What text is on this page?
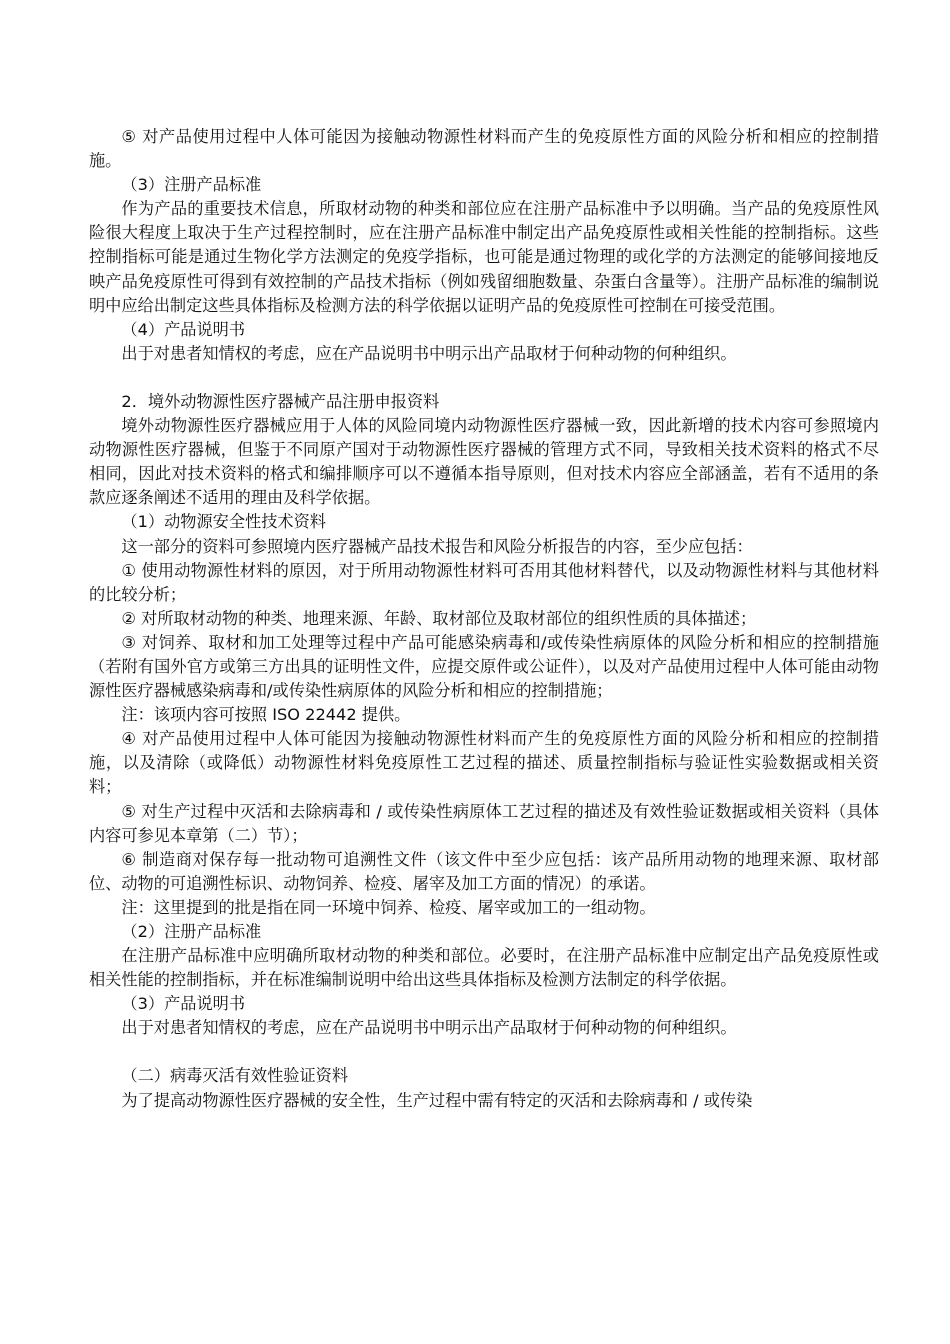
⑤ 对产品使用过程中人体可能因为接触动物源性材料而产生的免疫原性方面的风险分析和相应的控制措施。
（3）注册产品标准
作为产品的重要技术信息，所取材动物的种类和部位应在注册产品标准中予以明确。当产品的免疫原性风险很大程度上取决于生产过程控制时，应在注册产品标准中制定出产品免疫原性或相关性能的控制指标。这些控制指标可能是通过生物化学方法测定的免疫学指标，也可能是通过物理的或化学的方法测定的能够间接地反映产品免疫原性可得到有效控制的产品技术指标（例如残留细胞数量、杂蛋白含量等）。注册产品标准的编制说明中应给出制定这些具体指标及检测方法的科学依据以证明产品的免疫原性可控制在可接受范围。
（4）产品说明书
出于对患者知情权的考虑，应在产品说明书中明示出产品取材于何种动物的何种组织。
2．境外动物源性医疗器械产品注册申报资料
境外动物源性医疗器械应用于人体的风险同境内动物源性医疗器械一致，因此新增的技术内容可参照境内动物源性医疗器械，但鉴于不同原产国对于动物源性医疗器械的管理方式不同，导致相关技术资料的格式不尽相同，因此对技术资料的格式和编排顺序可以不遵循本指导原则，但对技术内容应全部涵盖，若有不适用的条款应逐条阐述不适用的理由及科学依据。
（1）动物源安全性技术资料
这一部分的资料可参照境内医疗器械产品技术报告和风险分析报告的内容，至少应包括：
① 使用动物源性材料的原因，对于所用动物源性材料可否用其他材料替代，以及动物源性材料与其他材料的比较分析；
② 对所取材动物的种类、地理来源、年龄、取材部位及取材部位的组织性质的具体描述；
③ 对饲养、取材和加工处理等过程中产品可能感染病毒和/或传染性病原体的风险分析和相应的控制措施（若附有国外官方或第三方出具的证明性文件，应提交原件或公证件），以及对产品使用过程中人体可能由动物源性医疗器械感染病毒和/或传染性病原体的风险分析和相应的控制措施；
注：该项内容可按照 ISO 22442 提供。
④ 对产品使用过程中人体可能因为接触动物源性材料而产生的免疫原性方面的风险分析和相应的控制措施，以及清除（或降低）动物源性材料免疫原性工艺过程的描述、质量控制指标与验证性实验数据或相关资料；
⑤ 对生产过程中灭活和去除病毒和 / 或传染性病原体工艺过程的描述及有效性验证数据或相关资料（具体内容可参见本章第（二）节）；
⑥ 制造商对保存每一批动物可追溯性文件（该文件中至少应包括：该产品所用动物的地理来源、取材部位、动物的可追溯性标识、动物饲养、检疫、屠宰及加工方面的情况）的承诺。
注：这里提到的批是指在同一环境中饲养、检疫、屠宰或加工的一组动物。
（2）注册产品标准
在注册产品标准中应明确所取材动物的种类和部位。必要时，在注册产品标准中应制定出产品免疫原性或相关性能的控制指标，并在标准编制说明中给出这些具体指标及检测方法制定的科学依据。
（3）产品说明书
出于对患者知情权的考虑，应在产品说明书中明示出产品取材于何种动物的何种组织。
（二）病毒灭活有效性验证资料
为了提高动物源性医疗器械的安全性，生产过程中需有特定的灭活和去除病毒和 / 或传染
